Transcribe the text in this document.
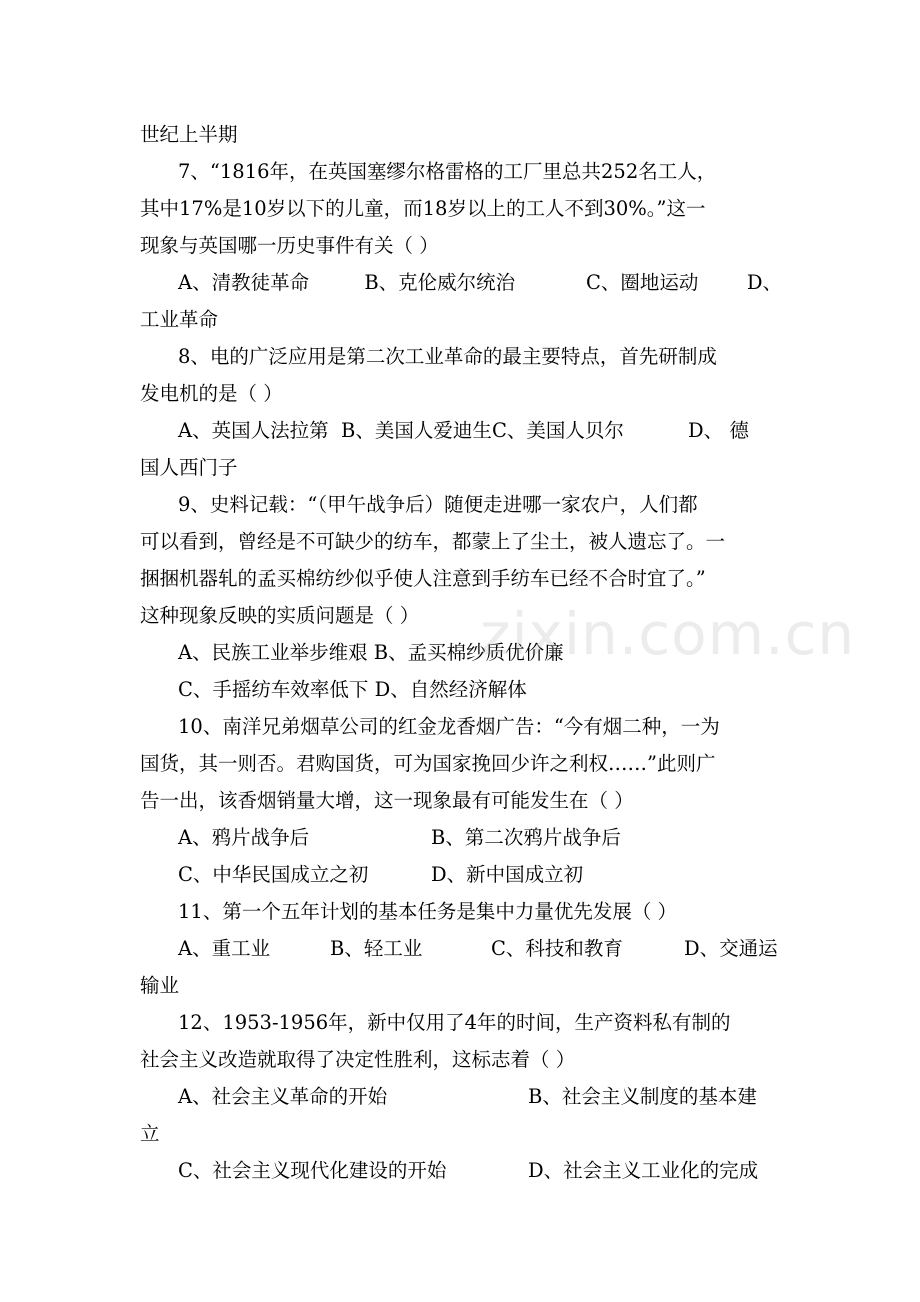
世纪上半期
7、“1816年，在英国塞缪尔格雷格的工厂里总共252名工人，
其中17%是10岁以下的儿童，而18岁以上的工人不到30%。”这一
现象与英国哪一历史事件有关（ ）
A、清教徒革命	B、克伦威尔统治	C、圈地运动	D、
工业革命
8、电的广泛应用是第二次工业革命的最主要特点，首先研制成
发电机的是（ ）
A、英国人法拉第 B、美国人爱迪生 C、美国人贝尔	D、 德
国人西门子
9、史料记载：“（甲午战争后）随便走进哪一家农户，人们都
可以看到，曾经是不可缺少的纺车，都蒙上了尘土，被人遗忘了。一
捆捆机器轧的孟买棉纺纱似乎使人注意到手纺车已经不合时宜了。”
这种现象反映的实质问题是（ ）
A、民族工业举步维艰 B、孟买棉纱质优价廉
C、手摇纺车效率低下 D、自然经济解体
10、南洋兄弟烟草公司的红金龙香烟广告：“今有烟二种，一为
国货，其一则否。君购国货，可为国家挽回少许之利权……”此则广
告一出，该香烟销量大增，这一现象最有可能发生在（ ）
A、鸦片战争后	B、第二次鸦片战争后
C、中华民国成立之初	D、新中国成立初
11、第一个五年计划的基本任务是集中力量优先发展（ ）
A、重工业	B、轻工业	C、科技和教育	D、交通运
输业
12、1953-1956年，新中仅用了4年的时间，生产资料私有制的
社会主义改造就取得了决定性胜利，这标志着（ ）
A、社会主义革命的开始	B、社会主义制度的基本建
立
C、社会主义现代化建设的开始	D、社会主义工业化的完成
zixin.com.cn
